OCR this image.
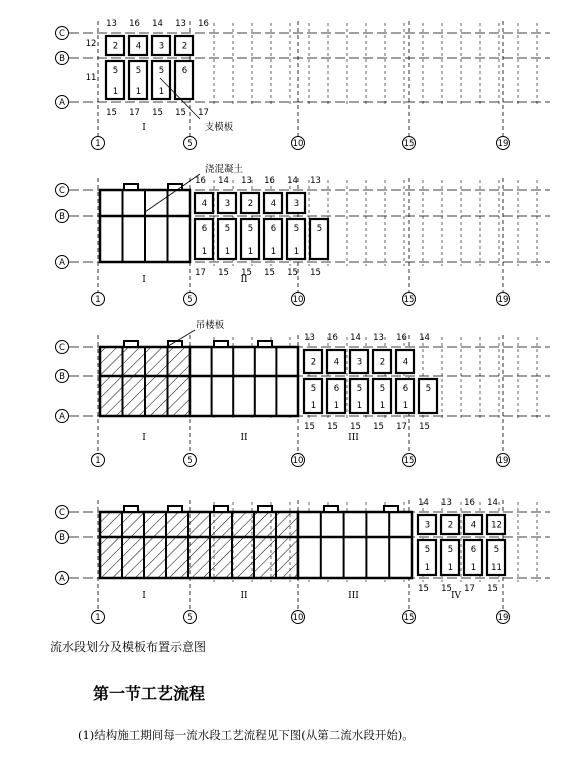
C
B
A
1	5	10	15	19
2 4 3 2
5
1
5
1
5
1
6
13 16 14 13 16
15 17 15 15 17
12
11
支模板
I
C
B
A
1	5	10	15	19
4 3 2 4 3
6
1
5
1
5
1
6
1
5
1
5
16 14 13 16 14 13
17 15 15 15 15 15
浇混凝土
I	II
C
B
A
1	5	10	15	19
2 4 3 2 4
5
1
6
1
5
1
5
1
6
1
5
13 16 14 13 16 14
15 15 15 15 17 15
吊楼板
I	II	III
C
B
A
1	5	10	15	19
3 2 4 12
5
1
5
1
6
1
5
11
14 13 16 14
15 15 17 15
I	II	III	IV
流水段划分及模板布置示意图
第一节工艺流程
(1)结构施工期间每一流水段工艺流程见下图(从第二流水段开始)。
